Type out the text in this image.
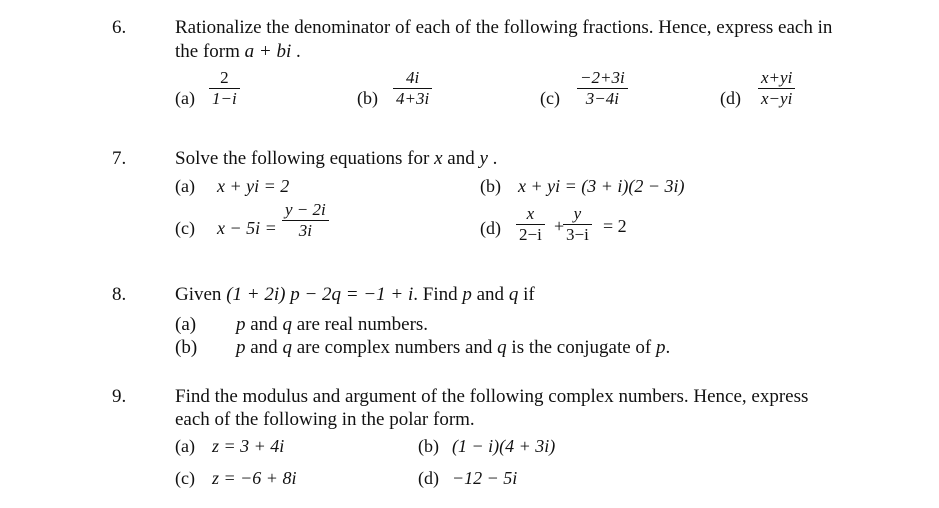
6.	Rationalize the denominator of each of the following fractions. Hence, express each in
the form a + bi .
(a)
2
1−i	(b)
4i
4+3i	(c)
−2+3i
3−4i	(d)
x+yi
x−yi
7.	Solve the following equations for x and y .
(a) x + yi = 2	(b) x + yi = (3 + i)(2 − 3i)
(c) x − 5i =
y − 2i
3i	(d)
x
2−i +
y
3−i = 2
8.	Given (1 + 2i) p − 2q = −1 + i. Find p and q if
(a) p and q are real numbers.
(b) p and q are complex numbers and q is the conjugate of p.
9.	Find the modulus and argument of the following complex numbers. Hence, express
each of the following in the polar form.
(a) z = 3 + 4i	(b) (1 − i)(4 + 3i)
(c) z = −6 + 8i	(d) −12 − 5i
